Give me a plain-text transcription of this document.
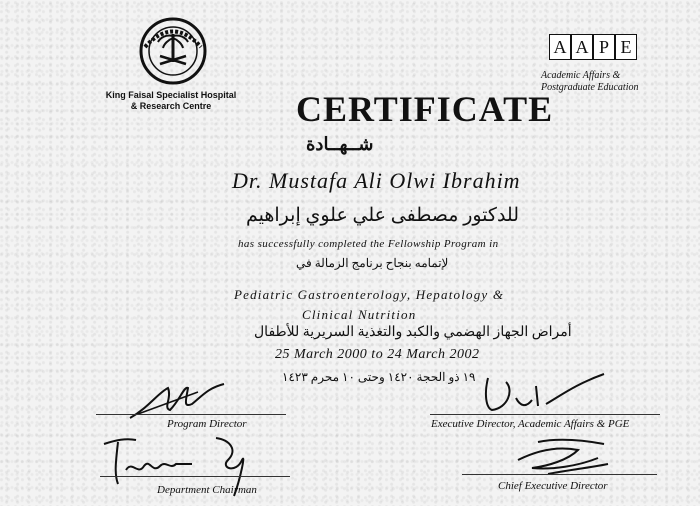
King Faisal Specialist Hospital
& Research Centre
A A P E
Academic Affairs &
Postgraduate Education
CERTIFICATE
شــهــادة
Dr. Mustafa Ali Olwi Ibrahim
للدكتور مصطفى علي علوي إبراهيم
has successfully completed the Fellowship Program in
لإتمامه بنجاح برنامج الزمالة في
Pediatric Gastroenterology, Hepatology &
Clinical Nutrition
أمراض الجهاز الهضمي والكبد والتغذية السريرية للأطفال
25 March 2000 to 24 March 2002
١٩ ذو الحجة ١٤٢٠ وحتى ١٠ محرم ١٤٢٣
Program Director
Department Chairman
Executive Director, Academic Affairs & PGE
Chief Executive Director
